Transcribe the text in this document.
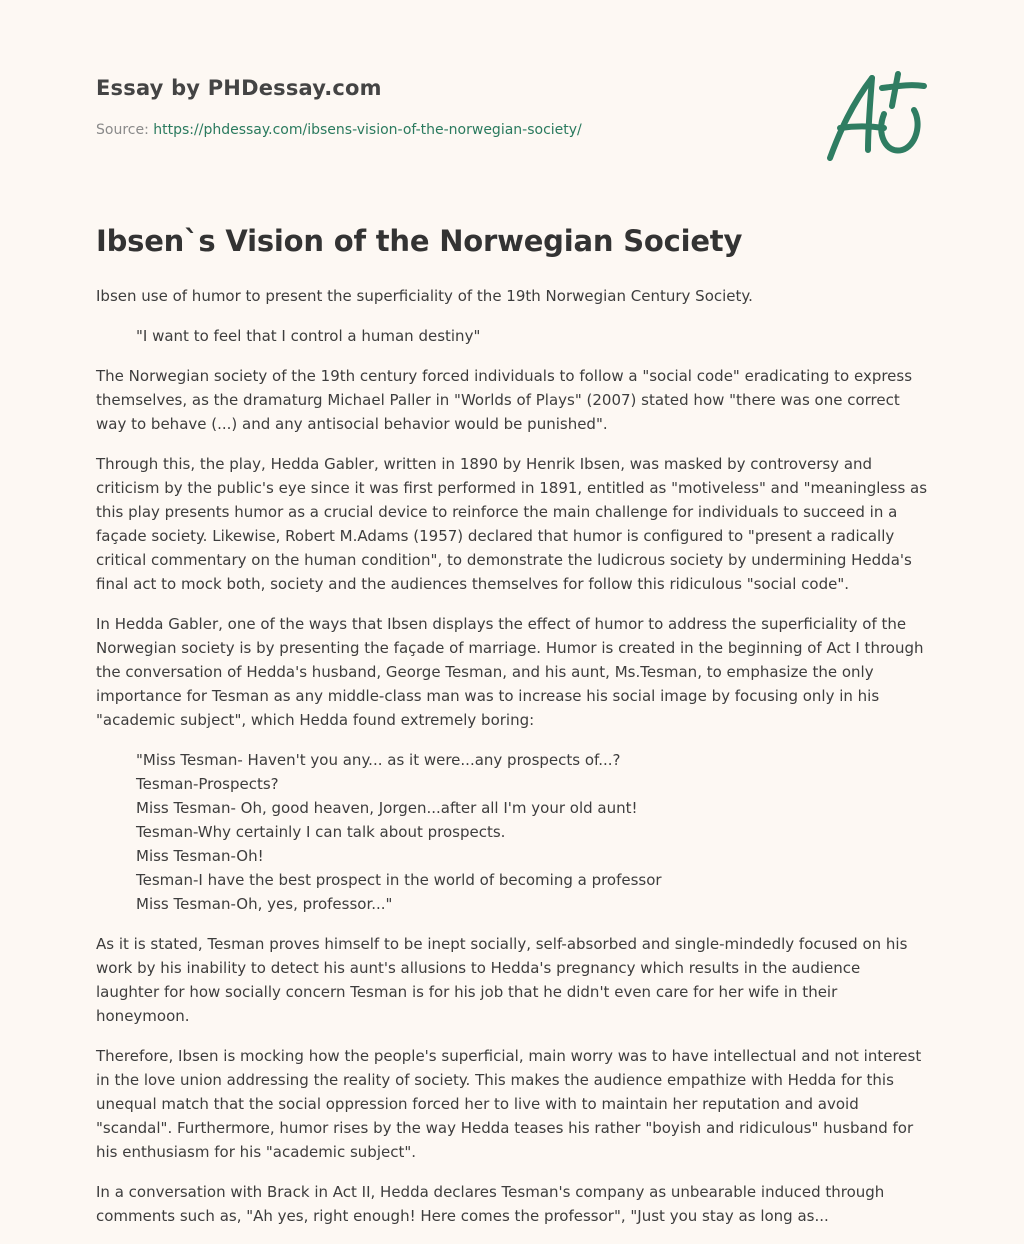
Essay by PHDessay.com
Source: https://phdessay.com/ibsens-vision-of-the-norwegian-society/
Ibsen`s Vision of the Norwegian Society

Ibsen use of humor to present the superficiality of the 19th Norwegian Century Society.

"I want to feel that I control a human destiny"

The Norwegian society of the 19th century forced individuals to follow a "social code" eradicating to express themselves, as the dramaturg Michael Paller in "Worlds of Plays" (2007) stated how "there was one correct way to behave (...) and any antisocial behavior would be punished".

Through this, the play, Hedda Gabler, written in 1890 by Henrik Ibsen, was masked by controversy and criticism by the public's eye since it was first performed in 1891, entitled as "motiveless" and "meaningless as this play presents humor as a crucial device to reinforce the main challenge for individuals to succeed in a façade society. Likewise, Robert M.Adams (1957) declared that humor is configured to "present a radically critical commentary on the human condition", to demonstrate the ludicrous society by undermining Hedda's final act to mock both, society and the audiences themselves for follow this ridiculous "social code".

In Hedda Gabler, one of the ways that Ibsen displays the effect of humor to address the superficiality of the Norwegian society is by presenting the façade of marriage. Humor is created in the beginning of Act I through the conversation of Hedda's husband, George Tesman, and his aunt, Ms.Tesman, to emphasize the only importance for Tesman as any middle-class man was to increase his social image by focusing only in his "academic subject", which Hedda found extremely boring:

"Miss Tesman- Haven't you any... as it were...any prospects of...?
Tesman-Prospects?
Miss Tesman- Oh, good heaven, Jorgen...after all I'm your old aunt!
Tesman-Why certainly I can talk about prospects.
Miss Tesman-Oh!
Tesman-I have the best prospect in the world of becoming a professor
Miss Tesman-Oh, yes, professor..."

As it is stated, Tesman proves himself to be inept socially, self-absorbed and single-mindedly focused on his work by his inability to detect his aunt's allusions to Hedda's pregnancy which results in the audience laughter for how socially concern Tesman is for his job that he didn't even care for her wife in their honeymoon.

Therefore, Ibsen is mocking how the people's superficial, main worry was to have intellectual and not interest in the love union addressing the reality of society. This makes the audience empathize with Hedda for this unequal match that the social oppression forced her to live with to maintain her reputation and avoid "scandal". Furthermore, humor rises by the way Hedda teases his rather "boyish and ridiculous" husband for his enthusiasm for his "academic subject".

In a conversation with Brack in Act II, Hedda declares Tesman's company as unbearable induced through comments such as, "Ah yes, right enough! Here comes the professor", "Just you stay as long as...
